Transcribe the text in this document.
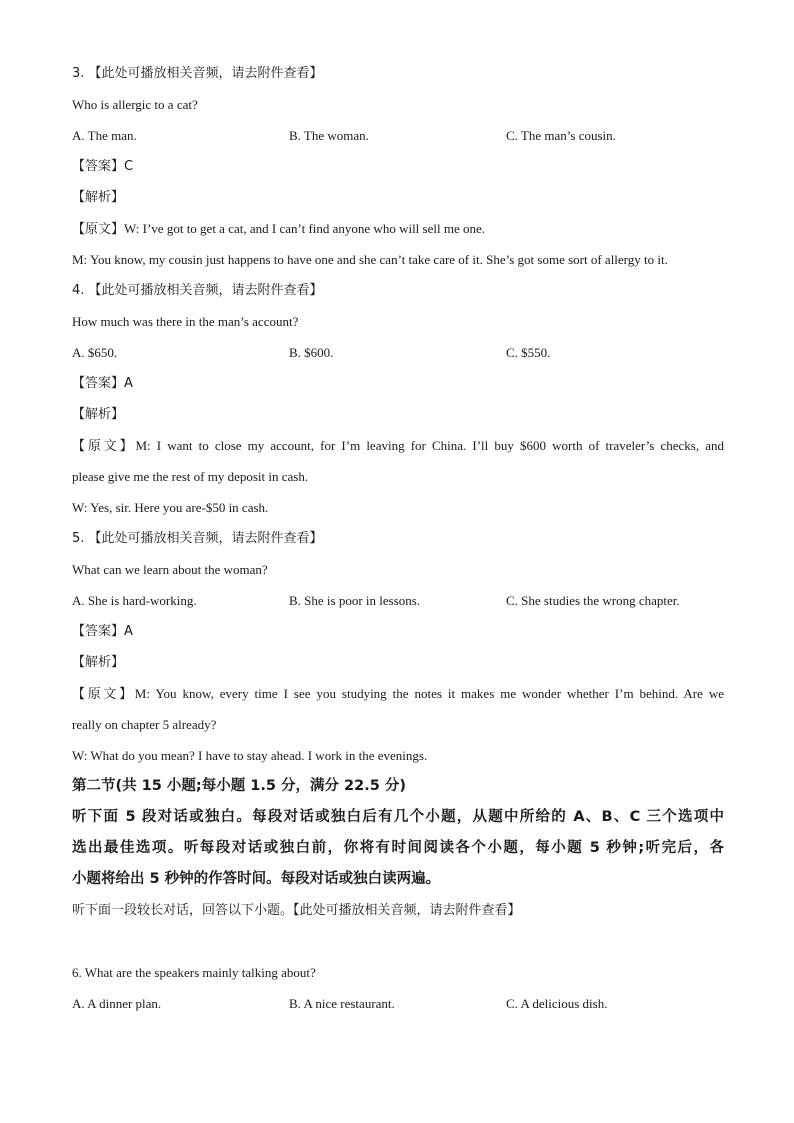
3. 【此处可播放相关音频，请去附件查看】
Who is allergic to a cat?
A. The man.	B. The woman.	C. The man’s cousin.
【答案】C
【解析】
【原文】W: I’ve got to get a cat, and I can’t find anyone who will sell me one.
M: You know, my cousin just happens to have one and she can’t take care of it. She’s got some sort of allergy to it.
4. 【此处可播放相关音频，请去附件查看】
How much was there in the man’s account?
A. $650.	B. $600.	C. $550.
【答案】A
【解析】
【原文】M: I want to close my account, for I’m leaving for China. I’ll buy $600 worth of traveler’s checks, and
please give me the rest of my deposit in cash.
W: Yes, sir. Here you are-$50 in cash.
5. 【此处可播放相关音频，请去附件查看】
What can we learn about the woman?
A. She is hard-working.	B. She is poor in lessons.	C. She studies the wrong chapter.
【答案】A
【解析】
【原文】M: You know, every time I see you studying the notes it makes me wonder whether I’m behind. Are we
really on chapter 5 already?
W: What do you mean? I have to stay ahead. I work in the evenings.
第二节(共 15 小题;每小题 1.5 分，满分 22.5 分)
听下面 5 段对话或独白。每段对话或独白后有几个小题，从题中所给的 A、B、C 三个选项中
选出最佳选项。听每段对话或独白前，你将有时间阅读各个小题，每小题 5 秒钟;听完后，各
小题将给出 5 秒钟的作答时间。每段对话或独白读两遍。
听下面一段较长对话，回答以下小题。【此处可播放相关音频，请去附件查看】
6. What are the speakers mainly talking about?
A. A dinner plan.	B. A nice restaurant.	C. A delicious dish.
